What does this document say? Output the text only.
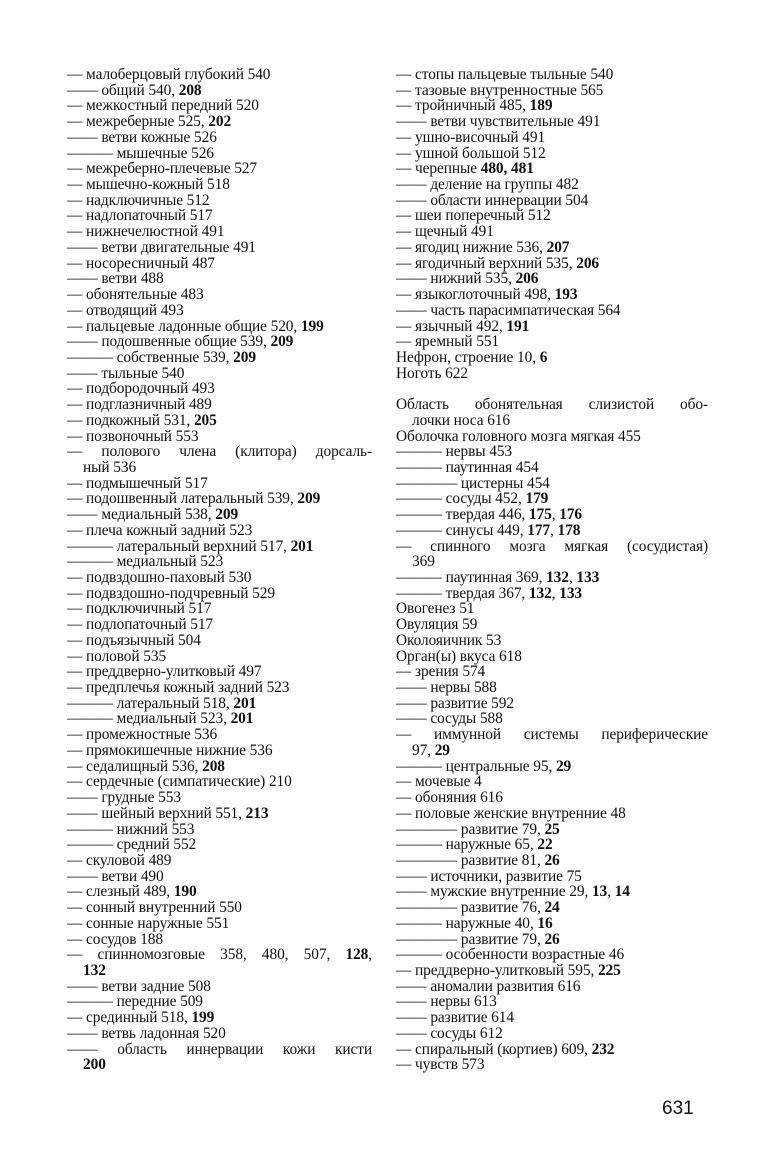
— малоберцовый глубокий 540
—— общий 540, 208
— межкостный передний 520
— межреберные 525, 202
—— ветви кожные 526
——— мышечные 526
— межреберно-плечевые 527
— мышечно-кожный 518
— надключичные 512
— надлопаточный 517
— нижнечелюстной 491
—— ветви двигательные 491
— носоресничный 487
—— ветви 488
— обонятельные 483
— отводящий 493
— пальцевые ладонные общие 520, 199
—— подошвенные общие 539, 209
——— собственные 539, 209
—— тыльные 540
— подбородочный 493
— подглазничный 489
— подкожный 531, 205
— позвоночный 553
— полового члена (клитора) дорсаль-
ный 536
— подмышечный 517
— подошвенный латеральный 539, 209
—— медиальный 538, 209
— плеча кожный задний 523
——— латеральный верхний 517, 201
——— медиальный 523
— подвздошно-паховый 530
— подвздошно-подчревный 529
— подключичный 517
— подлопаточный 517
— подъязычный 504
— половой 535
— преддверно-улитковый 497
— предплечья кожный задний 523
——— латеральный 518, 201
——— медиальный 523, 201
— промежностные 536
— прямокишечные нижние 536
— седалищный 536, 208
— сердечные (симпатические) 210
—— грудные 553
—— шейный верхний 551, 213
——— нижний 553
——— средний 552
— скуловой 489
—— ветви 490
— слезный 489, 190
— сонный внутренний 550
— сонные наружные 551
— сосудов 188
— спинномозговые 358, 480, 507, 128,
132
—— ветви задние 508
——— передние 509
— срединный 518, 199
—— ветвь ладонная 520
—— область иннервации кожи кисти
200
— стопы пальцевые тыльные 540
— тазовые внутренностные 565
— тройничный 485, 189
—— ветви чувствительные 491
— ушно-височный 491
— ушной большой 512
— черепные 480, 481
—— деление на группы 482
—— области иннервации 504
— шеи поперечный 512
— щечный 491
— ягодиц нижние 536, 207
— ягодичный верхний 535, 206
—— нижний 535, 206
— языкоглоточный 498, 193
—— часть парасимпатическая 564
— язычный 492, 191
— яремный 551
Нефрон, строение 10, 6
Ноготь 622
Область обонятельная слизистой обо-
лочки носа 616
Оболочка головного мозга мягкая 455
——— нервы 453
——— паутинная 454
———— цистерны 454
——— сосуды 452, 179
——— твердая 446, 175, 176
——— синусы 449, 177, 178
— спинного мозга мягкая (сосудистая)
369
——— паутинная 369, 132, 133
——— твердая 367, 132, 133
Овогенез 51
Овуляция 59
Околояичник 53
Орган(ы) вкуса 618
— зрения 574
—— нервы 588
—— развитие 592
—— сосуды 588
— иммунной системы периферические
97, 29
——— центральные 95, 29
— мочевые 4
— обоняния 616
— половые женские внутренние 48
———— развитие 79, 25
——— наружные 65, 22
———— развитие 81, 26
—— источники, развитие 75
—— мужские внутренние 29, 13, 14
———— развитие 76, 24
——— наружные 40, 16
———— развитие 79, 26
——— особенности возрастные 46
— преддверно-улитковый 595, 225
—— аномалии развития 616
—— нервы 613
—— развитие 614
—— сосуды 612
— спиральный (кортиев) 609, 232
— чувств 573
631
